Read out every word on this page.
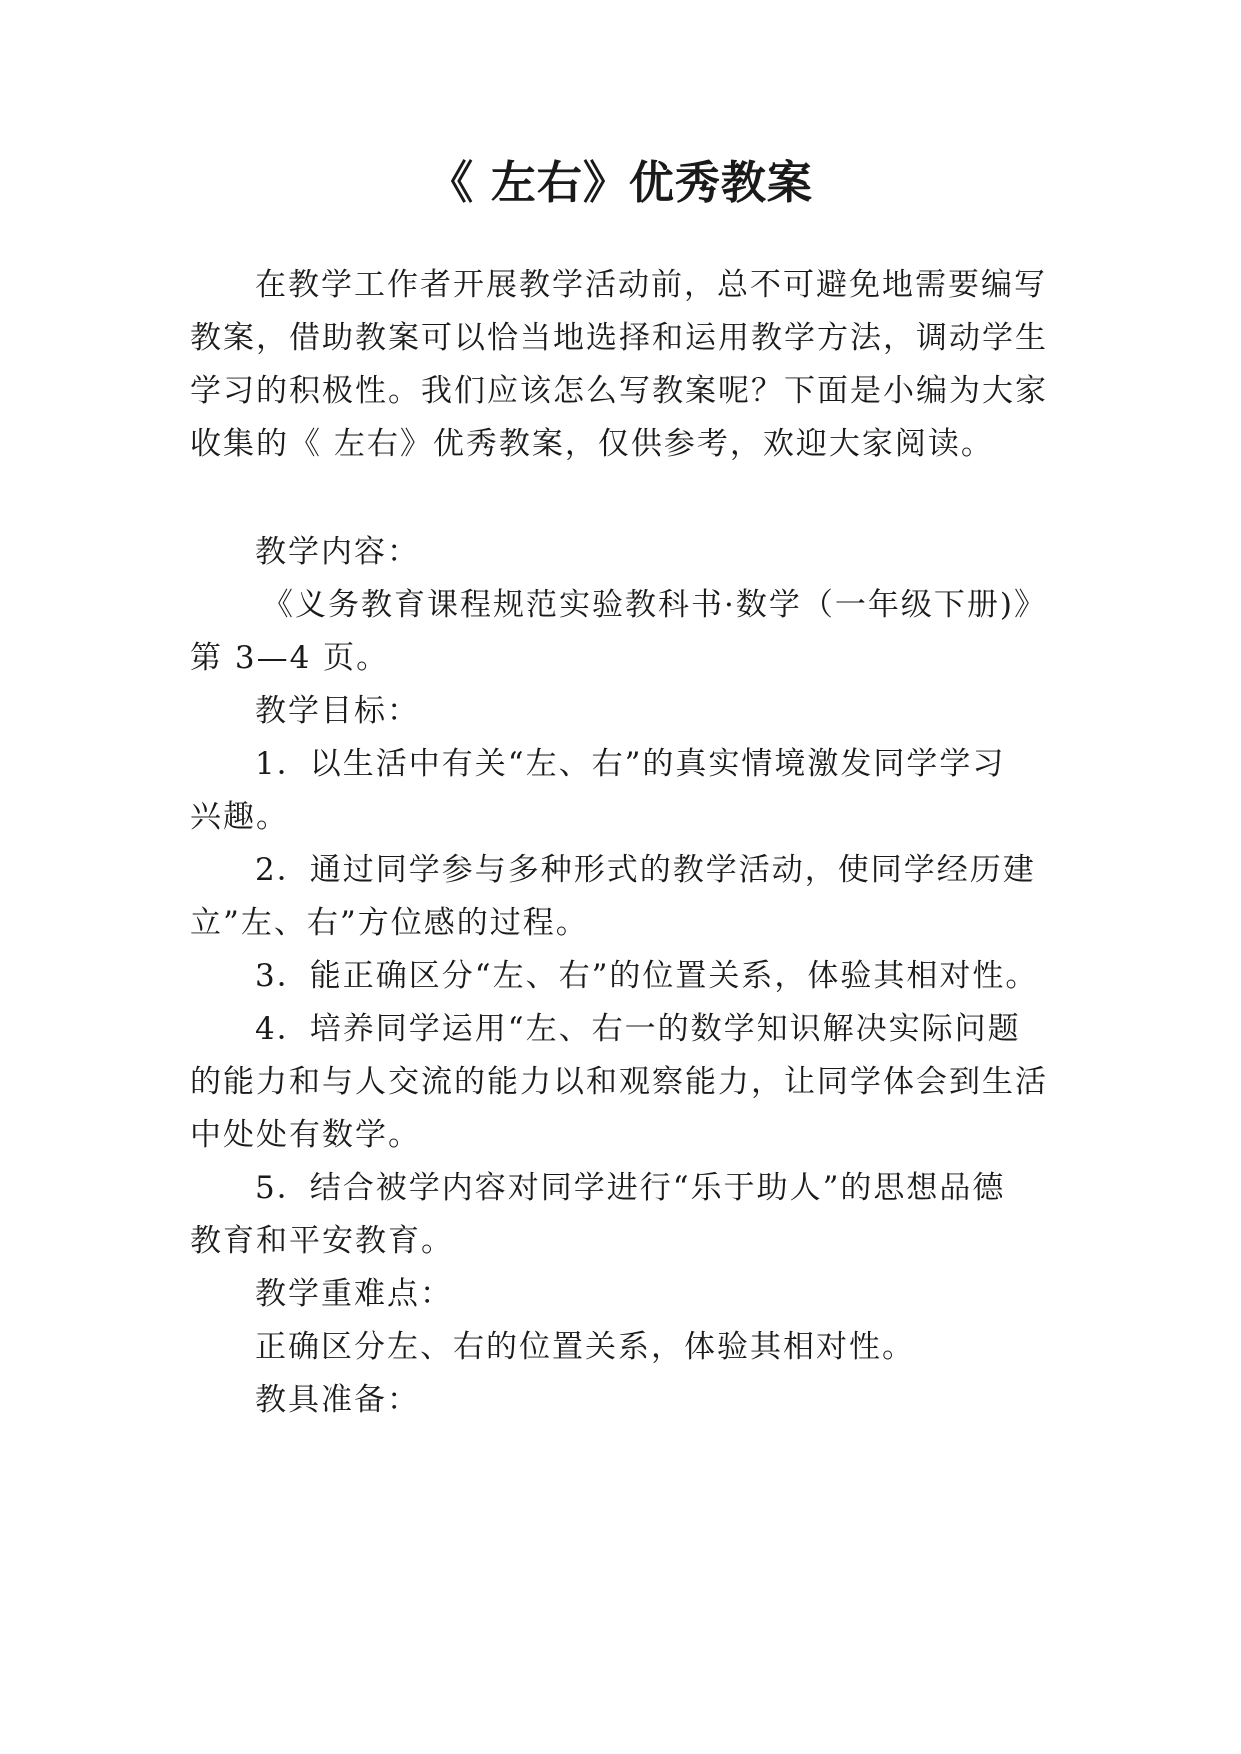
《 左右》优秀教案
在教学工作者开展教学活动前，总不可避免地需要编写
教案，借助教案可以恰当地选择和运用教学方法，调动学生
学习的积极性。我们应该怎么写教案呢？下面是小编为大家
收集的《 左右》优秀教案，仅供参考，欢迎大家阅读。
教学内容：
《义务教育课程规范实验教科书·数学（一年级下册)》
第 3—4 页。
教学目标：
1．以生活中有关“左、右”的真实情境激发同学学习
兴趣。
2．通过同学参与多种形式的教学活动，使同学经历建
立”左、右”方位感的过程。
3．能正确区分“左、右”的位置关系，体验其相对性。
4．培养同学运用“左、右一的数学知识解决实际问题
的能力和与人交流的能力以和观察能力，让同学体会到生活
中处处有数学。
5．结合被学内容对同学进行“乐于助人”的思想品德
教育和平安教育。
教学重难点：
正确区分左、右的位置关系，体验其相对性。
教具准备：
